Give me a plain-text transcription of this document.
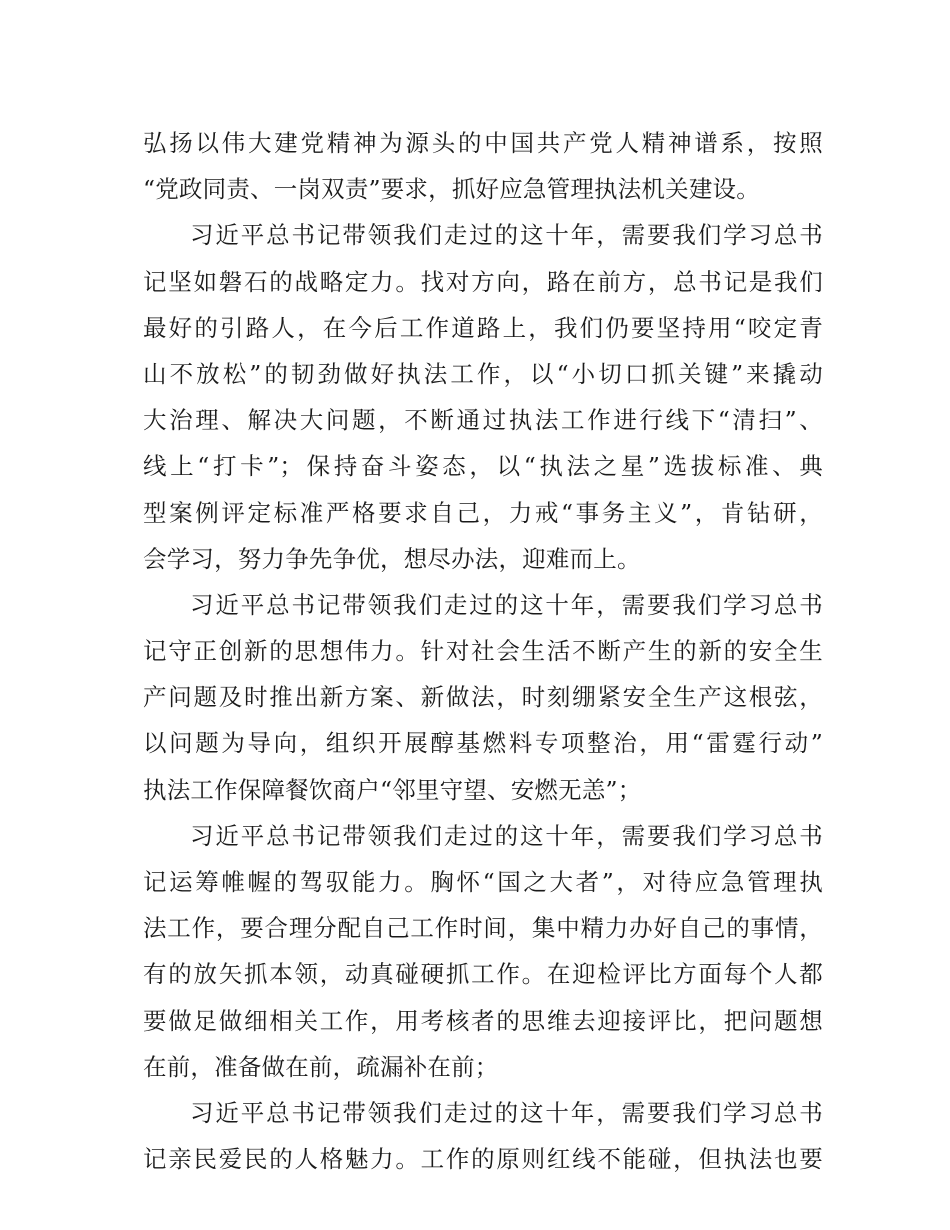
弘扬以伟大建党精神为源头的中国共产党人精神谱系，按照
“党政同责、一岗双责”要求，抓好应急管理执法机关建设。
习近平总书记带领我们走过的这十年，需要我们学习总书
记坚如磐石的战略定力。找对方向，路在前方，总书记是我们
最好的引路人，在今后工作道路上，我们仍要坚持用“咬定青
山不放松”的韧劲做好执法工作，以“小切口抓关键”来撬动
大治理、解决大问题，不断通过执法工作进行线下“清扫”、
线上“打卡”；保持奋斗姿态，以“执法之星”选拔标准、典
型案例评定标准严格要求自己，力戒“事务主义”，肯钻研，
会学习，努力争先争优，想尽办法，迎难而上。
习近平总书记带领我们走过的这十年，需要我们学习总书
记守正创新的思想伟力。针对社会生活不断产生的新的安全生
产问题及时推出新方案、新做法，时刻绷紧安全生产这根弦，
以问题为导向，组织开展醇基燃料专项整治，用“雷霆行动”
执法工作保障餐饮商户“邻里守望、安燃无恙”；
习近平总书记带领我们走过的这十年，需要我们学习总书
记运筹帷幄的驾驭能力。胸怀“国之大者”，对待应急管理执
法工作，要合理分配自己工作时间，集中精力办好自己的事情，
有的放矢抓本领，动真碰硬抓工作。在迎检评比方面每个人都
要做足做细相关工作，用考核者的思维去迎接评比，把问题想
在前，准备做在前，疏漏补在前；
习近平总书记带领我们走过的这十年，需要我们学习总书
记亲民爱民的人格魅力。工作的原则红线不能碰，但执法也要
